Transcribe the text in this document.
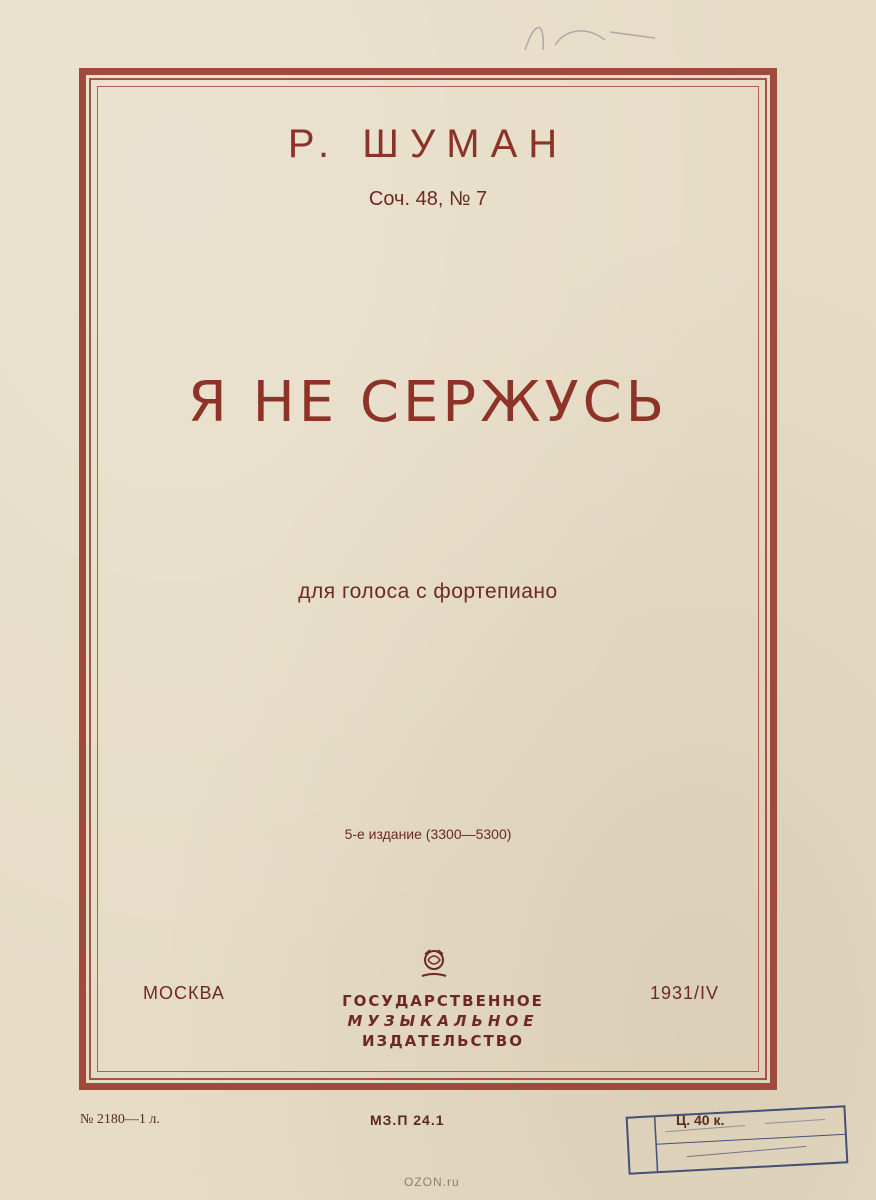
Р. ШУМАН
Соч. 48, № 7
Я НЕ СЕРЖУСЬ
для голоса с фортепиано
5-е издание (3300—5300)
МОСКВА	1931/IV
ГОСУДАРСТВЕННОЕ
МУЗЫКАЛЬНОЕ
ИЗДАТЕЛЬСТВО
№ 2180—1 л.	МЗ.П 24.1	Ц. 40 к.
OZON.ru
